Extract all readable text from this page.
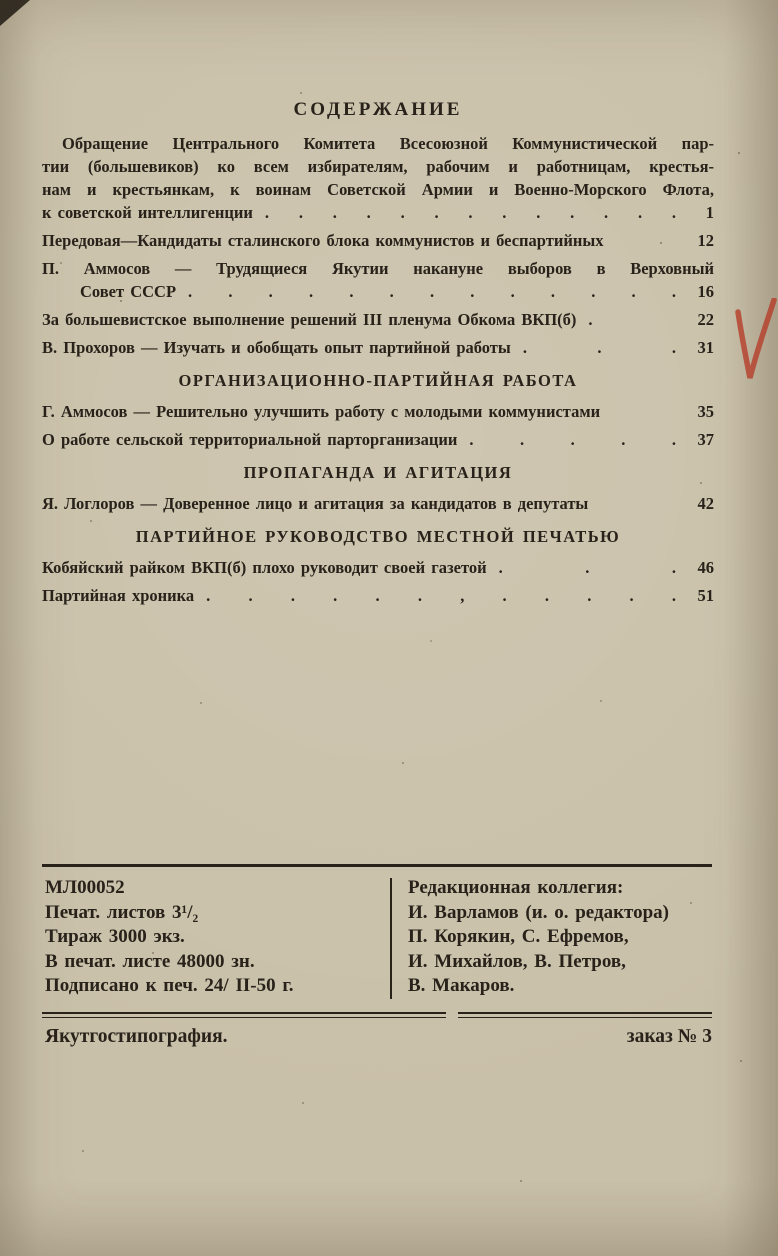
СОДЕРЖАНИЕ
Обращение Центрального Комитета Всесоюзной Коммунистической пар-
тии (большевиков) ко всем избирателям, рабочим и работницам, крестья-
нам и крестьянкам, к воинам Советской Армии и Военно-Морского Флота,
к советской интеллигенции . . . . . . . . . . . . .	1
Передовая—Кандидаты сталинского блока коммунистов и беспартийных	12
П. Аммосов — Трудящиеся Якутии накануне выборов в Верховный
Совет СССР . . . . . . . . . . . . .	16
За большевистское выполнение решений III пленума Обкома ВКП(б) .	22
В. Прохоров — Изучать и обобщать опыт партийной работы . . .	31
ОРГАНИЗАЦИОННО-ПАРТИЙНАЯ РАБОТА
Г. Аммосов — Решительно улучшить работу с молодыми коммунистами	35
О работе сельской территориальной парторганизации . . . . .	37
ПРОПАГАНДА И АГИТАЦИЯ
Я. Логлоров — Доверенное лицо и агитация за кандидатов в депутаты	42
ПАРТИЙНОЕ РУКОВОДСТВО МЕСТНОЙ ПЕЧАТЬЮ
Кобяйский райком ВКП(б) плохо руководит своей газетой . . .	46
Партийная хроника . . . . . . , . . . . .	51
МЛ00052
Печат. листов 3¹/₂
Тираж 3000 экз.
В печат. листе 48000 зн.
Подписано к печ. 24/ II-50 г.
Редакционная коллегия:
И. Варламов (и. о. редактора)
П. Корякин, С. Ефремов,
И. Михайлов, В. Петров,
В. Макаров.
Якутгостипография.	заказ № 3
